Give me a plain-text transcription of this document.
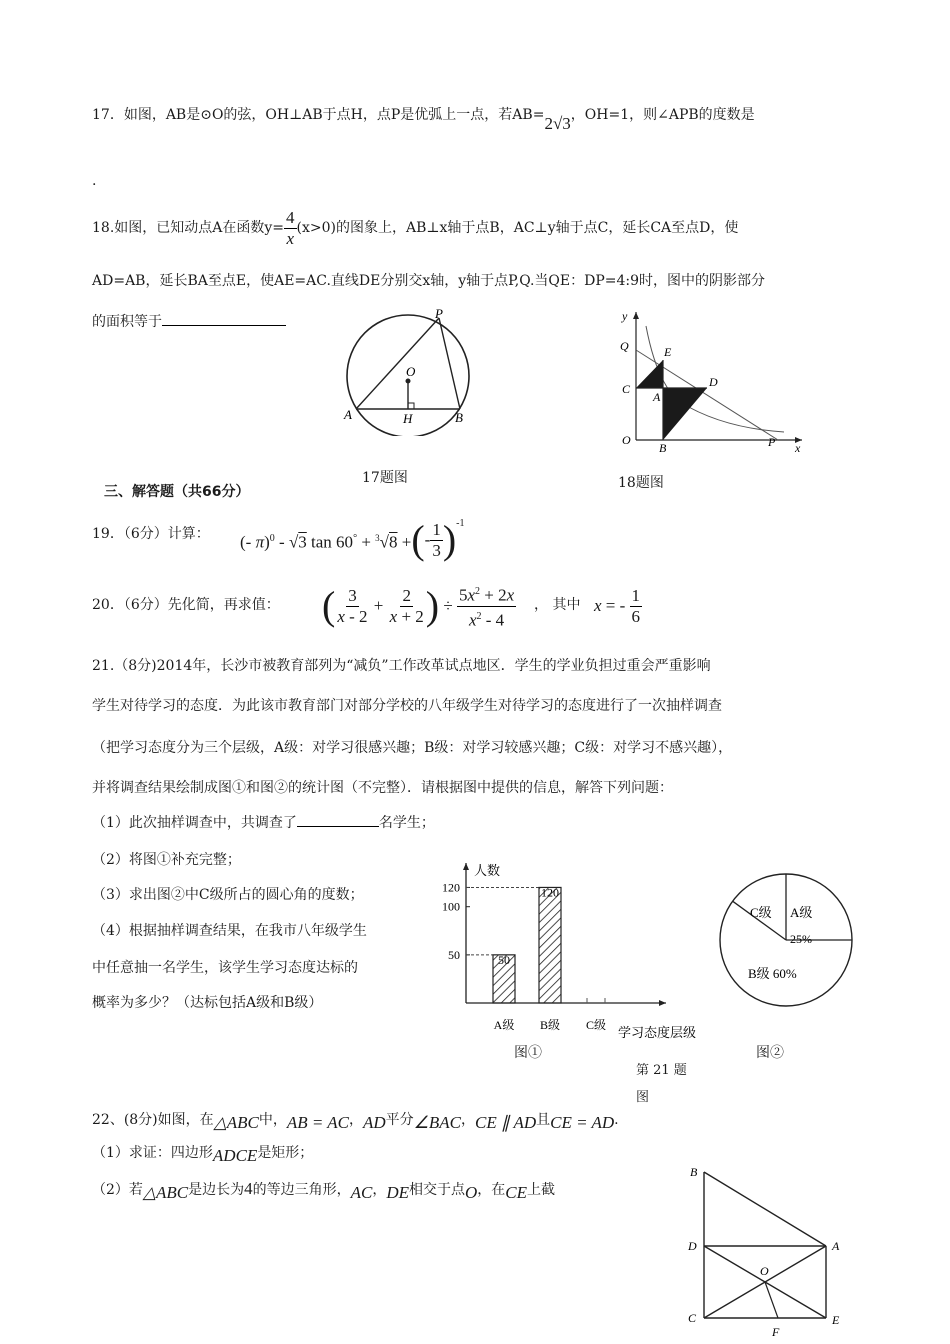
17．如图，AB是⊙O的弦，OH⊥AB于点H，点P是优弧上一点，若AB=2√3，OH=1，则∠APB的度数是
.
18.如图，已知动点A在函数$y= \frac{4}{x} (x>0)$的图象上，AB⊥x轴于点B，AC⊥y轴于点C，延长CA至点D，使
AD=AB，延长BA至点E，使AE=AC.直线DE分别交x轴，y轴于点P,Q.当QE：DP=4:9时，图中的阴影部分
的面积等于
P
O
A	H	B
17题图
y
Q	E
C
A
D
O
B	P x
18题图
三、解答题（共66分）
19．（6分）计算： (- π)$^0$ - √3 tan 60° + $^3$√8 + ( - $\frac{1}{3} )^{-1}$
20．（6分）先化简，再求值： ( $\frac{3}{x - 2} + \frac{2}{x + 2}$ ) ÷ $\frac{5x^2 + 2x}{x^2 - 4}$ ， 其中 x = - $\frac{1}{6}$
21.（8分)2014年，长沙市被教育部列为“减负”工作改革试点地区．学生的学业负担过重会严重影响
学生对待学习的态度．为此该市教育部门对部分学校的八年级学生对待学习的态度进行了一次抽样调查
（把学习态度分为三个层级，A级：对学习很感兴趣；B级：对学习较感兴趣；C级：对学习不感兴趣），
并将调查结果绘制成图①和图②的统计图（不完整）．请根据图中提供的信息，解答下列问题：
（1）此次抽样调查中，共调查了	名学生；
（2）将图①补充完整；
（3）求出图②中C级所占的圆心角的度数；
（4）根据抽样调查结果，在我市八年级学生
中任意抽一名学生，该学生学习态度达标的
概率为多少？（达标包括A级和B级）
人数
学习态度层级
50
100
120
A级
50
B级
120
C级
图①
A级
25%
B级 60%
C级
图②
第 21 题
图
22、(8分)如图，在△ABC中，AB = AC，AD平分∠BAC，CE ∥ AD且CE = AD.
（1）求证：四边形ADCE是矩形；
（2）若△ABC是边长为4的等边三角形，AC，DE相交于点O，在CE上截
B
D	A
O
C	E
F
